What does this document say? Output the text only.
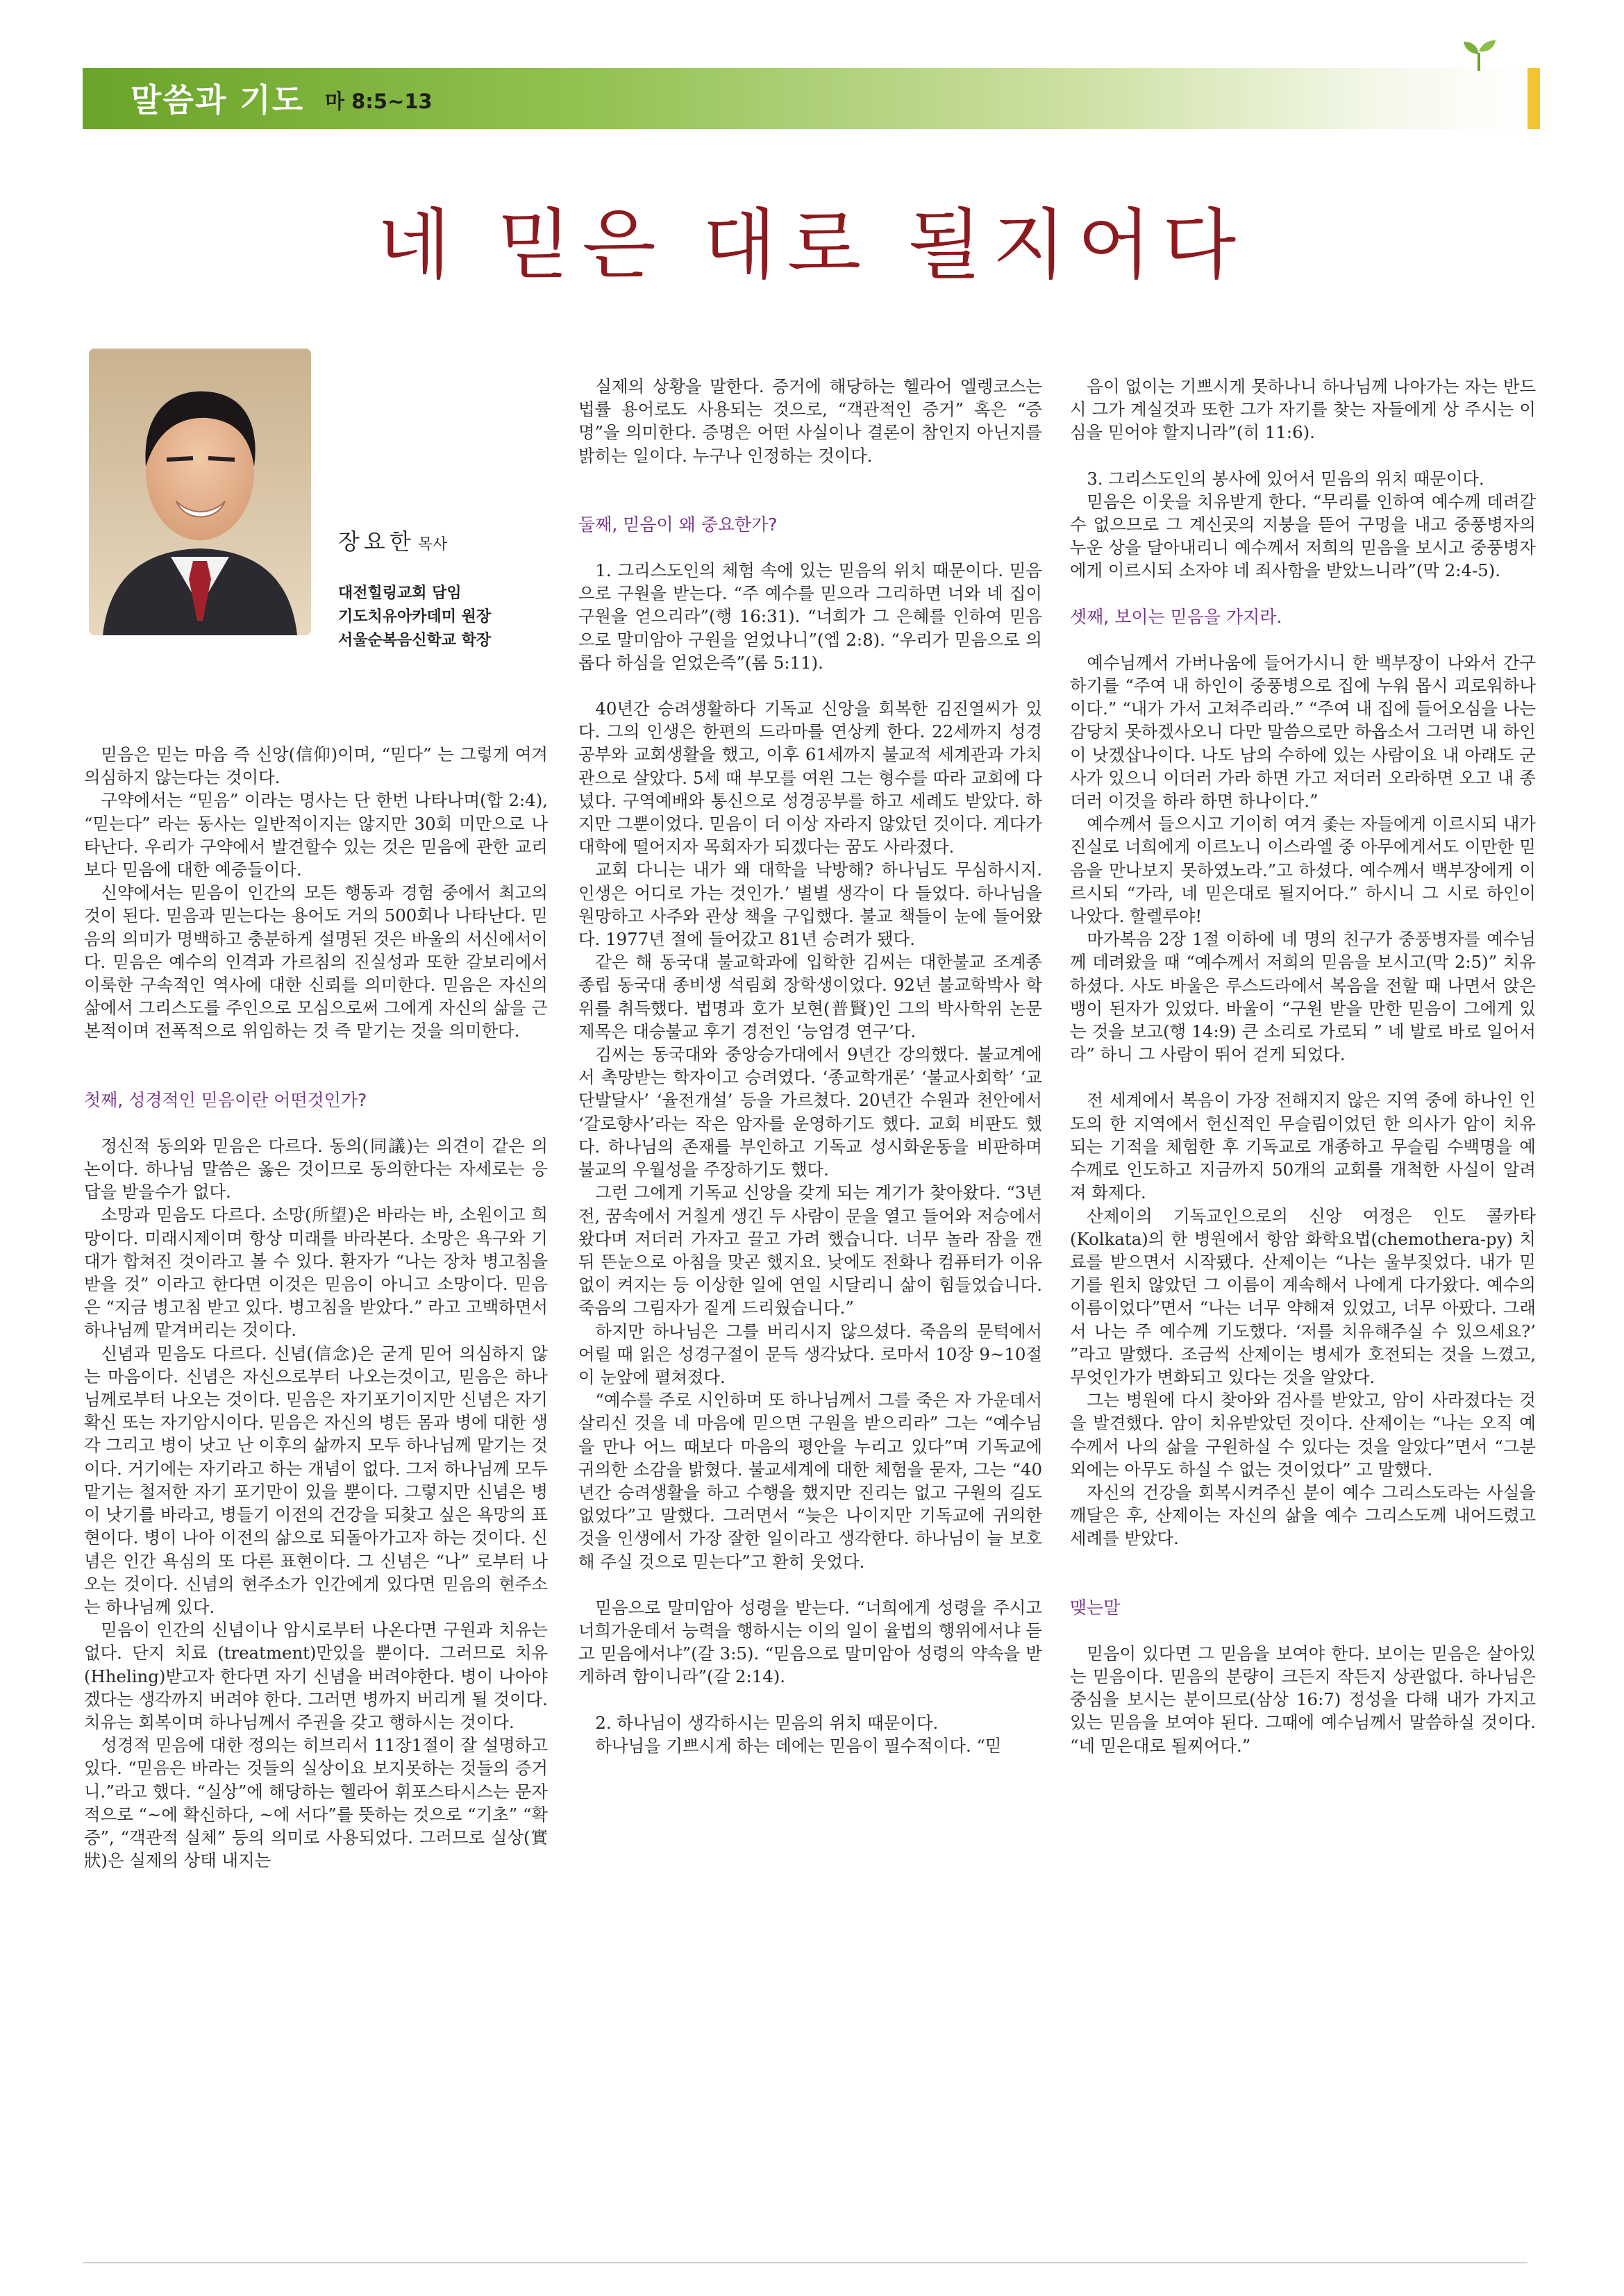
말씀과 기도 마 8:5~13
네 믿은 대로 될지어다
장요한 목사
대전힐링교회 담임
기도치유아카데미 원장
서울순복음신학교 학장

믿음은 믿는 마음 즉 신앙(信仰)이며, “믿다” 는 그렇게 여겨 의심하지 않는다는 것이다.

구약에서는 “믿음” 이라는 명사는 단 한번 나타나며(합 2:4), “믿는다” 라는 동사는 일반적이지는 않지만 30회 미만으로 나타난다. 우리가 구약에서 발견할수 있는 것은 믿음에 관한 교리보다 믿음에 대한 예증들이다.

신약에서는 믿음이 인간의 모든 행동과 경험 중에서 최고의 것이 된다. 믿음과 믿는다는 용어도 거의 500회나 나타난다. 믿음의 의미가 명백하고 충분하게 설명된 것은 바울의 서신에서이다. 믿음은 예수의 인격과 가르침의 진실성과 또한 갈보리에서 이룩한 구속적인 역사에 대한 신뢰를 의미한다. 믿음은 자신의 삶에서 그리스도를 주인으로 모심으로써 그에게 자신의 삶을 근본적이며 전폭적으로 위임하는 것 즉 맡기는 것을 의미한다.

첫째, 성경적인 믿음이란 어떤것인가?

정신적 동의와 믿음은 다르다. 동의(同議)는 의견이 같은 의논이다. 하나님 말씀은 옳은 것이므로 동의한다는 자세로는 응답을 받을수가 없다.

소망과 믿음도 다르다. 소망(所望)은 바라는 바, 소원이고 희망이다. 미래시제이며 항상 미래를 바라본다. 소망은 욕구와 기대가 합쳐진 것이라고 볼 수 있다. 환자가 “나는 장차 병고침을 받을 것” 이라고 한다면 이것은 믿음이 아니고 소망이다. 믿음은 “지금 병고침 받고 있다. 병고침을 받았다.” 라고 고백하면서 하나님께 맡겨버리는 것이다.

신념과 믿음도 다르다. 신념(信念)은 굳게 믿어 의심하지 않는 마음이다. 신념은 자신으로부터 나오는것이고, 믿음은 하나님께로부터 나오는 것이다. 믿음은 자기포기이지만 신념은 자기확신 또는 자기암시이다. 믿음은 자신의 병든 몸과 병에 대한 생각 그리고 병이 낫고 난 이후의 삶까지 모두 하나님께 맡기는 것이다. 거기에는 자기라고 하는 개념이 없다. 그저 하나님께 모두 맡기는 철저한 자기 포기만이 있을 뿐이다. 그렇지만 신념은 병이 낫기를 바라고, 병들기 이전의 건강을 되찾고 싶은 욕망의 표현이다. 병이 나아 이전의 삶으로 되돌아가고자 하는 것이다. 신념은 인간 욕심의 또 다른 표현이다. 그 신념은 “나” 로부터 나오는 것이다. 신념의 현주소가 인간에게 있다면 믿음의 현주소는 하나님께 있다.

믿음이 인간의 신념이나 암시로부터 나온다면 구원과 치유는 없다. 단지 치료 (treatment)만있을 뿐이다. 그러므로 치유(Hheling)받고자 한다면 자기 신념을 버려야한다. 병이 나아야겠다는 생각까지 버려야 한다. 그러면 병까지 버리게 될 것이다. 치유는 회복이며 하나님께서 주권을 갖고 행하시는 것이다.

성경적 믿음에 대한 정의는 히브리서 11장1절이 잘 설명하고 있다. “믿음은 바라는 것들의 실상이요 보지못하는 것들의 증거니.”라고 했다. “실상”에 해당하는 헬라어 휘포스타시스는 문자적으로 “~에 확신하다, ~에 서다”를 뜻하는 것으로 “기초” “확증”, “객관적 실체” 등의 의미로 사용되었다. 그러므로 실상(實狀)은 실제의 상태 내지는

실제의 상황을 말한다. 증거에 해당하는 헬라어 엘렝코스는 법률 용어로도 사용되는 것으로, “객관적인 증거” 혹은 “증명”을 의미한다. 증명은 어떤 사실이나 결론이 참인지 아닌지를 밝히는 일이다. 누구나 인정하는 것이다.

둘째, 믿음이 왜 중요한가?

1. 그리스도인의 체험 속에 있는 믿음의 위치 때문이다. 믿음으로 구원을 받는다. “주 예수를 믿으라 그리하면 너와 네 집이 구원을 얻으리라”(행 16:31). “너희가 그 은혜를 인하여 믿음으로 말미암아 구원을 얻었나니”(엡 2:8). “우리가 믿음으로 의롭다 하심을 얻었은즉”(롬 5:11).

40년간 승려생활하다 기독교 신앙을 회복한 김진열씨가 있다. 그의 인생은 한편의 드라마를 연상케 한다. 22세까지 성경공부와 교회생활을 했고, 이후 61세까지 불교적 세계관과 가치관으로 살았다. 5세 때 부모를 여읜 그는 형수를 따라 교회에 다녔다. 구역예배와 통신으로 성경공부를 하고 세례도 받았다. 하지만 그뿐이었다. 믿음이 더 이상 자라지 않았던 것이다. 게다가 대학에 떨어지자 목회자가 되겠다는 꿈도 사라졌다.

교회 다니는 내가 왜 대학을 낙방해? 하나님도 무심하시지. 인생은 어디로 가는 것인가.’ 별별 생각이 다 들었다. 하나님을 원망하고 사주와 관상 책을 구입했다. 불교 책들이 눈에 들어왔다. 1977년 절에 들어갔고 81년 승려가 됐다.

같은 해 동국대 불교학과에 입학한 김씨는 대한불교 조계종 종립 동국대 종비생 석림회 장학생이었다. 92년 불교학박사 학위를 취득했다. 법명과 호가 보현(普賢)인 그의 박사학위 논문 제목은 대승불교 후기 경전인 ‘능엄경 연구’다.

김씨는 동국대와 중앙승가대에서 9년간 강의했다. 불교계에서 촉망받는 학자이고 승려였다. ‘종교학개론’ ‘불교사회학’ ‘교단발달사’ ‘율전개설’ 등을 가르쳤다. 20년간 수원과 천안에서 ‘갈로향사’라는 작은 암자를 운영하기도 했다. 교회 비판도 했다. 하나님의 존재를 부인하고 기독교 성시화운동을 비판하며 불교의 우월성을 주장하기도 했다.

그런 그에게 기독교 신앙을 갖게 되는 계기가 찾아왔다. “3년 전, 꿈속에서 거칠게 생긴 두 사람이 문을 열고 들어와 저승에서 왔다며 저더러 가자고 끌고 가려 했습니다. 너무 놀라 잠을 깬 뒤 뜬눈으로 아침을 맞곤 했지요. 낮에도 전화나 컴퓨터가 이유 없이 켜지는 등 이상한 일에 연일 시달리니 삶이 힘들었습니다. 죽음의 그림자가 짙게 드리웠습니다.”

하지만 하나님은 그를 버리시지 않으셨다. 죽음의 문턱에서 어릴 때 읽은 성경구절이 문득 생각났다. 로마서 10장 9~10절이 눈앞에 펼쳐졌다.

“예수를 주로 시인하며 또 하나님께서 그를 죽은 자 가운데서 살리신 것을 네 마음에 믿으면 구원을 받으리라” 그는 “예수님을 만나 어느 때보다 마음의 평안을 누리고 있다”며 기독교에 귀의한 소감을 밝혔다. 불교세계에 대한 체험을 묻자, 그는 “40년간 승려생활을 하고 수행을 했지만 진리는 없고 구원의 길도 없었다”고 말했다. 그러면서 “늦은 나이지만 기독교에 귀의한 것을 인생에서 가장 잘한 일이라고 생각한다. 하나님이 늘 보호해 주실 것으로 믿는다”고 환히 웃었다.

믿음으로 말미암아 성령을 받는다. “너희에게 성령을 주시고 너희가운데서 능력을 행하시는 이의 일이 율법의 행위에서냐 듣고 믿음에서냐”(갈 3:5). “믿음으로 말미암아 성령의 약속을 받게하려 함이니라”(갈 2:14).

2. 하나님이 생각하시는 믿음의 위치 때문이다.

하나님을 기쁘시게 하는 데에는 믿음이 필수적이다. “믿

음이 없이는 기쁘시게 못하나니 하나님께 나아가는 자는 반드시 그가 계실것과 또한 그가 자기를 찾는 자들에게 상 주시는 이심을 믿어야 할지니라”(히 11:6).

3. 그리스도인의 봉사에 있어서 믿음의 위치 때문이다.

믿음은 이웃을 치유받게 한다. “무리를 인하여 예수께 데려갈수 없으므로 그 계신곳의 지붕을 뜯어 구멍을 내고 중풍병자의 누운 상을 달아내리니 예수께서 저희의 믿음을 보시고 중풍병자에게 이르시되 소자야 네 죄사함을 받았느니라”(막 2:4-5).

셋째, 보이는 믿음을 가지라.

예수님께서 가버나움에 들어가시니 한 백부장이 나와서 간구하기를 “주여 내 하인이 중풍병으로 집에 누워 몹시 괴로워하나이다.” “내가 가서 고쳐주리라.” “주여 내 집에 들어오심을 나는 감당치 못하겠사오니 다만 말씀으로만 하옵소서 그러면 내 하인이 낫겠삽나이다. 나도 남의 수하에 있는 사람이요 내 아래도 군사가 있으니 이더러 가라 하면 가고 저더러 오라하면 오고 내 종더러 이것을 하라 하면 하나이다.”

예수께서 들으시고 기이히 여겨 좇는 자들에게 이르시되 내가 진실로 너희에게 이르노니 이스라엘 중 아무에게서도 이만한 믿음을 만나보지 못하였노라.”고 하셨다. 예수께서 백부장에게 이르시되 “가라, 네 믿은대로 될지어다.” 하시니 그 시로 하인이 나았다. 할렐루야!

마가복음 2장 1절 이하에 네 명의 친구가 중풍병자를 예수님께 데려왔을 때 “예수께서 저희의 믿음을 보시고(막 2:5)” 치유하셨다. 사도 바울은 루스드라에서 복음을 전할 때 나면서 앉은뱅이 된자가 있었다. 바울이 “구원 받을 만한 믿음이 그에게 있는 것을 보고(행 14:9) 큰 소리로 가로되 ” 네 발로 바로 일어서라” 하니 그 사람이 뛰어 걷게 되었다.

전 세계에서 복음이 가장 전해지지 않은 지역 중에 하나인 인도의 한 지역에서 헌신적인 무슬림이었던 한 의사가 암이 치유되는 기적을 체험한 후 기독교로 개종하고 무슬림 수백명을 예수께로 인도하고 지금까지 50개의 교회를 개척한 사실이 알려져 화제다.

산제이의 기독교인으로의 신앙 여정은 인도 콜카타 (Kolkata)의 한 병원에서 항암 화학요법(chemothera-py) 치료를 받으면서 시작됐다. 산제이는 “나는 울부짖었다. 내가 믿기를 원치 않았던 그 이름이 계속해서 나에게 다가왔다. 예수의 이름이었다”면서 “나는 너무 약해져 있었고, 너무 아팠다. 그래서 나는 주 예수께 기도했다. ‘저를 치유해주실 수 있으세요?’ ”라고 말했다. 조금씩 산제이는 병세가 호전되는 것을 느꼈고, 무엇인가가 변화되고 있다는 것을 알았다.

그는 병원에 다시 찾아와 검사를 받았고, 암이 사라졌다는 것을 발견했다. 암이 치유받았던 것이다. 산제이는 “나는 오직 예수께서 나의 삶을 구원하실 수 있다는 것을 알았다”면서 “그분 외에는 아무도 하실 수 없는 것이었다” 고 말했다.

자신의 건강을 회복시켜주신 분이 예수 그리스도라는 사실을 깨달은 후, 산제이는 자신의 삶을 예수 그리스도께 내어드렸고 세례를 받았다.

맺는말

믿음이 있다면 그 믿음을 보여야 한다. 보이는 믿음은 살아있는 믿음이다. 믿음의 분량이 크든지 작든지 상관없다. 하나님은 중심을 보시는 분이므로(삼상 16:7) 정성을 다해 내가 가지고 있는 믿음을 보여야 된다. 그때에 예수님께서 말씀하실 것이다. “네 믿은대로 될찌어다.”
